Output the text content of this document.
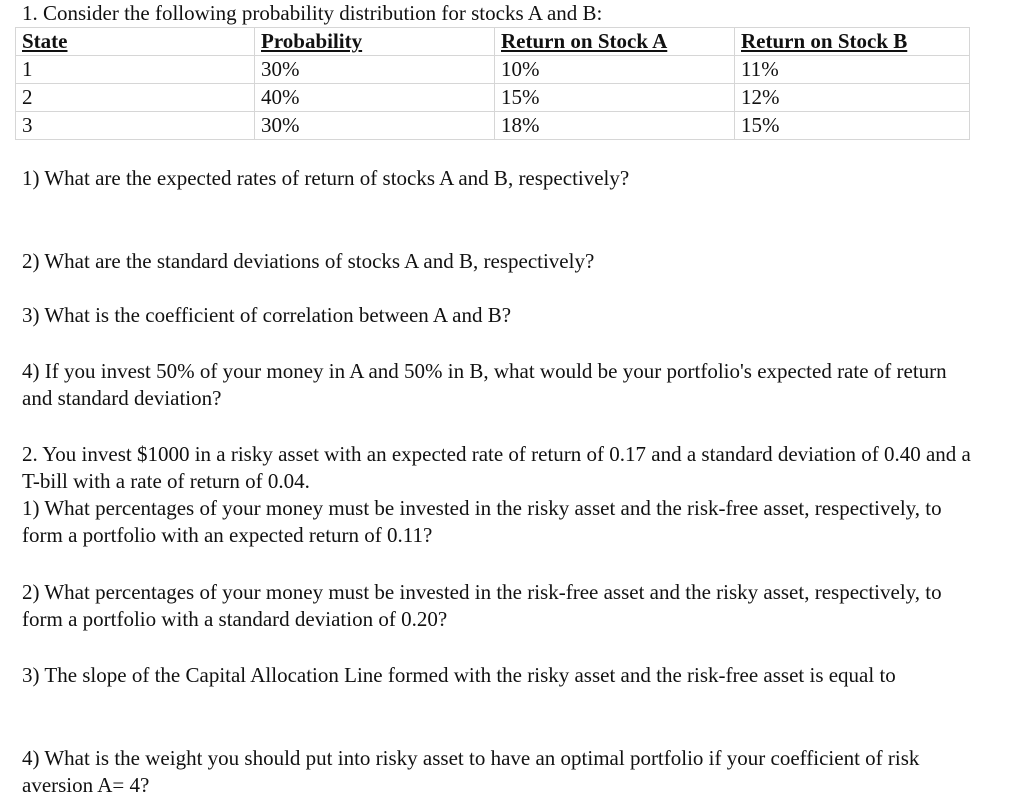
1. Consider the following probability distribution for stocks A and B:
State	Probability	Return on Stock A	Return on Stock B
1	30%	10%	11%
2	40%	15%	12%
3	30%	18%	15%
1) What are the expected rates of return of stocks A and B, respectively?
2) What are the standard deviations of stocks A and B, respectively?
3) What is the coefficient of correlation between A and B?
4) If you invest 50% of your money in A and 50% in B, what would be your portfolio's expected rate of return and standard deviation?
2. You invest $1000 in a risky asset with an expected rate of return of 0.17 and a standard deviation of 0.40 and a T-bill with a rate of return of 0.04.
1) What percentages of your money must be invested in the risky asset and the risk-free asset, respectively, to form a portfolio with an expected return of 0.11?
2) What percentages of your money must be invested in the risk-free asset and the risky asset, respectively, to form a portfolio with a standard deviation of 0.20?
3) The slope of the Capital Allocation Line formed with the risky asset and the risk-free asset is equal to
4) What is the weight you should put into risky asset to have an optimal portfolio if your coefficient of risk aversion A= 4?
